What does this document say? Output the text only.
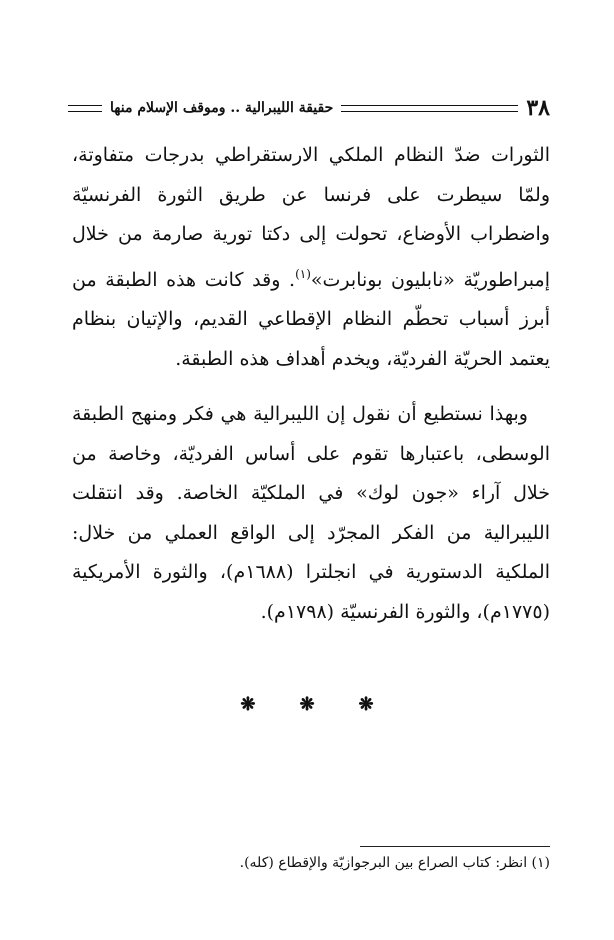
٣٨
حقيقة الليبرالية .. وموقف الإسلام منها

الثورات ضدّ النظام الملكي الارستقراطي بدرجات متفاوتة، ولمّا سيطرت على فرنسا عن طريق الثورة الفرنسيّة واضطراب الأوضاع، تحولت إلى دكتا تورية صارمة من خلال إمبراطوريّة «نابليون بونابرت»$^{(١)}$. وقد كانت هذه الطبقة من أبرز أسباب تحطّم النظام الإقطاعي القديم، والإتيان بنظام يعتمد الحريّة الفرديّة، ويخدم أهداف هذه الطبقة.

وبهذا نستطيع أن نقول إن الليبرالية هي فكر ومنهج الطبقة الوسطى، باعتبارها تقوم على أساس الفرديّة، وخاصة من خلال آراء «جون لوك» في الملكيّة الخاصة. وقد انتقلت الليبرالية من الفكر المجرّد إلى الواقع العملي من خلال: الملكية الدستورية في انجلترا (١٦٨٨م)، والثورة الأمريكية (١٧٧٥م)، والثورة الفرنسيّة (١٧٩٨م).

❋ ❋ ❋
(١) انظر: كتاب الصراع بين البرجوازيّة والإقطاع (كله).
